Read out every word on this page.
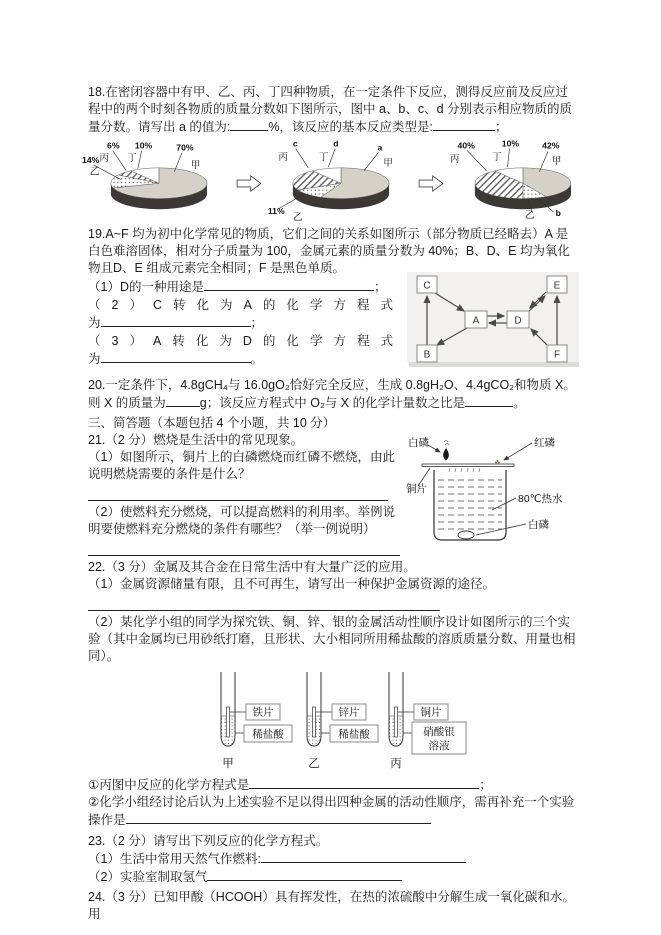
18.在密闭容器中有甲、乙、丙、丁四种物质，在一定条件下反应，测得反应前及反应过程中的两个时刻各物质的质量分数如下图所示，图中 a、b、c、d 分别表示相应物质的质量分数。请写出 a 的值为:	%，该反应的基本反应类型是:	；

6% 10%	70%
14% 丙 丁
甲
乙
c	d	a
11%
丙	丁
甲
乙
40%	10%	42%
b
丙	丁	甲
乙

19.A~F 均为初中化学常见的物质，它们之间的关系如图所示（部分物质已经略去）A 是白色难溶固体，相对分子质量为 100，金属元素的质量分数为 40%；B、D、E 均为氧化物且D、E 组成元素完全相同；F 是黑色单质。

（1）D的一种用途是	；
（2）C转化为A的化学方程式
为	；
（3）A转化为D的化学方程式
为	。
C	E
A	D
B	F

20.一定条件下，4.8gCH₄与 16.0gO₂恰好完全反应，生成 0.8gH₂O、4.4gCO₂和物质 X。则 X 的质量为	g；该反应方程式中 O₂与 X 的化学计量数之比是	。

三、简答题（本题包括 4 个小题，共 10 分）

21.（2 分）燃烧是生活中的常见现象。
（1）如图所示，铜片上的白磷燃烧而红磷不燃烧，由此说明燃烧需要的条件是什么？
（2）使燃料充分燃烧，可以提高燃料的利用率。举例说明要使燃料充分燃烧的条件有哪些？（举一例说明）
白磷	红磷
铜片
80℃热水
白磷
22.（3 分）金属及其合金在日常生活中有大量广泛的应用。
（1）金属资源储量有限，且不可再生，请写出一种保护金属资源的途径。
（2）某化学小组的同学为探究铁、铜、锌、银的金属活动性顺序设计如图所示的三个实验（其中金属均已用砂纸打磨，且形状、大小相同所用稀盐酸的溶质质量分数、用量也相同）。
铁片
稀盐酸
甲
锌片
稀盐酸
乙
铜片
硝酸银
溶液
丙
①丙图中反应的化学方程式是	；
②化学小组经讨论后认为上述实验不足以得出四种金属的活动性顺序，需再补充一个实验操作是
23.（2 分）请写出下列反应的化学方程式。
（1）生活中常用天然气作燃料:
（2）实验室制取氢气

24.（3 分）已知甲酸（HCOOH）具有挥发性，在热的浓硫酸中分解生成一氧化碳和水。用
